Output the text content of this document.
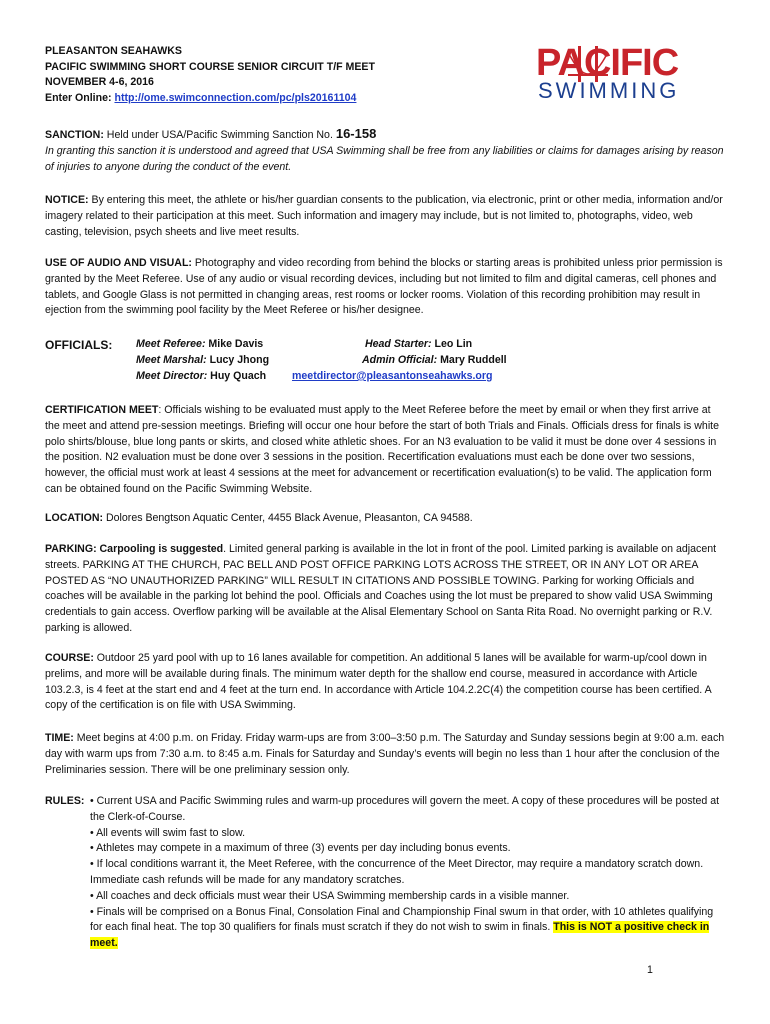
PLEASANTON SEAHAWKS
PACIFIC SWIMMING SHORT COURSE SENIOR CIRCUIT T/F MEET
NOVEMBER 4-6, 2016
Enter Online: http://ome.swimconnection.com/pc/pls20161104
PACIFIC
SWIMMING

SANCTION: Held under USA/Pacific Swimming Sanction No. 16-158

In granting this sanction it is understood and agreed that USA Swimming shall be free from any liabilities or claims for damages arising by reason of injuries to anyone during the conduct of the event.

NOTICE: By entering this meet, the athlete or his/her guardian consents to the publication, via electronic, print or other media, information and/or imagery related to their participation at this meet. Such information and imagery may include, but is not limited to, photographs, video, web casting, television, psych sheets and live meet results.

USE OF AUDIO AND VISUAL: Photography and video recording from behind the blocks or starting areas is prohibited unless prior permission is granted by the Meet Referee. Use of any audio or visual recording devices, including but not limited to film and digital cameras, cell phones and tablets, and Google Glass is not permitted in changing areas, rest rooms or locker rooms. Violation of this recording prohibition may result in ejection from the swimming pool facility by the Meet Referee or his/her designee.

OFFICIALS: Meet Referee: Mike Davis
Meet Marshal: Lucy Jhong
Meet Director: Huy Quach
Head Starter: Leo Lin
Admin Official: Mary Ruddell
meetdirector@pleasantonseahawks.org

CERTIFICATION MEET: Officials wishing to be evaluated must apply to the Meet Referee before the meet by email or when they first arrive at the meet and attend pre-session meetings. Briefing will occur one hour before the start of both Trials and Finals. Officials dress for finals is white polo shirts/blouse, blue long pants or skirts, and closed white athletic shoes. For an N3 evaluation to be valid it must be done over 4 sessions in the position. N2 evaluation must be done over 3 sessions in the position. Recertification evaluations must each be done over two sessions, however, the official must work at least 4 sessions at the meet for advancement or recertification evaluation(s) to be valid. The application form can be obtained found on the Pacific Swimming Website.

LOCATION: Dolores Bengtson Aquatic Center, 4455 Black Avenue, Pleasanton, CA 94588.

PARKING: Carpooling is suggested. Limited general parking is available in the lot in front of the pool. Limited parking is available on adjacent streets. PARKING AT THE CHURCH, PAC BELL AND POST OFFICE PARKING LOTS ACROSS THE STREET, OR IN ANY LOT OR AREA POSTED AS “NO UNAUTHORIZED PARKING” WILL RESULT IN CITATIONS AND POSSIBLE TOWING. Parking for working Officials and coaches will be available in the parking lot behind the pool. Officials and Coaches using the lot must be prepared to show valid USA Swimming credentials to gain access. Overflow parking will be available at the Alisal Elementary School on Santa Rita Road. No overnight parking or R.V. parking is allowed.

COURSE: Outdoor 25 yard pool with up to 16 lanes available for competition. An additional 5 lanes will be available for warm-up/cool down in prelims, and more will be available during finals. The minimum water depth for the shallow end course, measured in accordance with Article 103.2.3, is 4 feet at the start end and 4 feet at the turn end. In accordance with Article 104.2.2C(4) the competition course has been certified. A copy of the certification is on file with USA Swimming.

TIME: Meet begins at 4:00 p.m. on Friday. Friday warm-ups are from 3:00–3:50 p.m. The Saturday and Sunday sessions begin at 9:00 a.m. each day with warm ups from 7:30 a.m. to 8:45 a.m. Finals for Saturday and Sunday’s events will begin no less than 1 hour after the conclusion of the Preliminaries session. There will be one preliminary session only.

RULES: • Current USA and Pacific Swimming rules and warm-up procedures will govern the meet. A copy of these procedures will be posted at the Clerk-of-Course.

• All events will swim fast to slow.

• Athletes may compete in a maximum of three (3) events per day including bonus events.

• If local conditions warrant it, the Meet Referee, with the concurrence of the Meet Director, may require a mandatory scratch down. Immediate cash refunds will be made for any mandatory scratches.

• All coaches and deck officials must wear their USA Swimming membership cards in a visible manner.

• Finals will be comprised on a Bonus Final, Consolation Final and Championship Final swum in that order, with 10 athletes qualifying for each final heat. The top 30 qualifiers for finals must scratch if they do not wish to swim in finals. This is NOT a positive check in meet.

1
